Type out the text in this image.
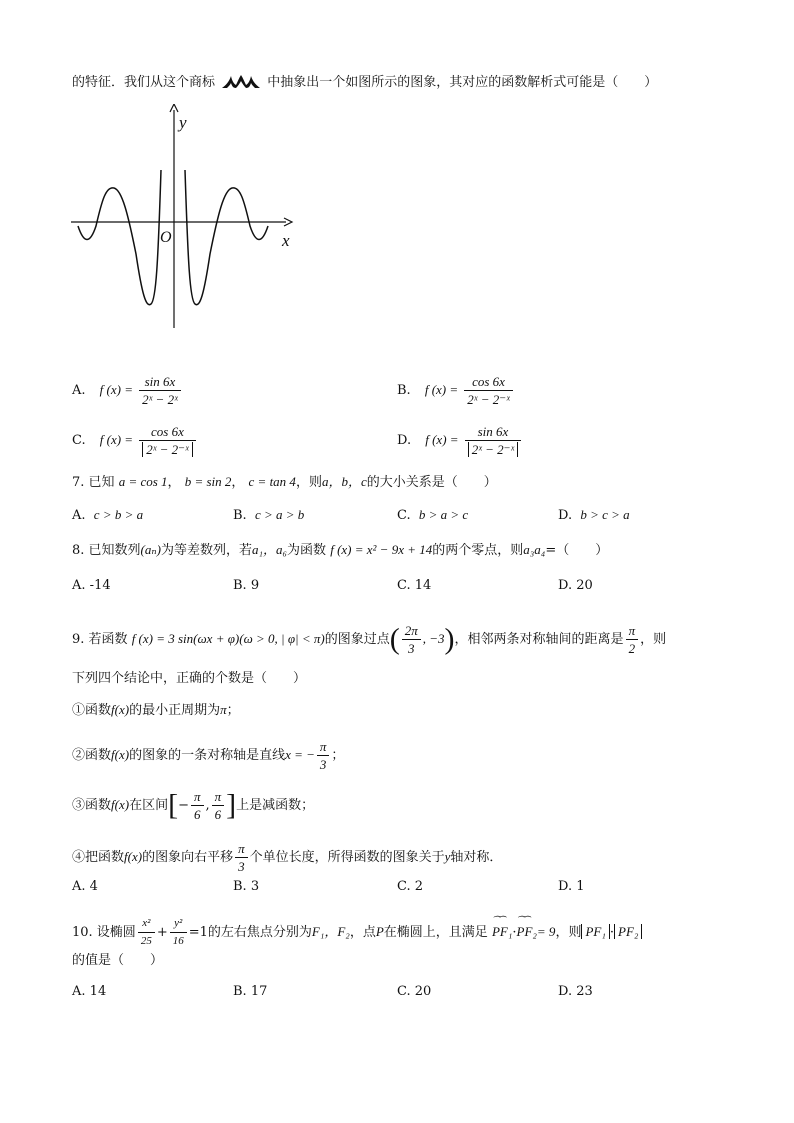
的特征．我们从这个商标	中抽象出一个如图所示的图象，其对应的函数解析式可能是（　　）
y
x
O
A. f $(x) = \frac{\sin 6x}{\text{2ˣ − 2ˣ}}$	B. f $(x) = \frac{\cos 6x}{\text{2ˣ − 2⁻ˣ}}$
C. f $(x) = \frac{\cos 6x}{\text{2ˣ − 2⁻ˣ}}$	D. f $(x) = \frac{\sin 6x}{\text{2ˣ − 2⁻ˣ}}$
7. 已知 a = cos 1， b = sin 2， c = tan 4，则a，b，c的大小关系是（　　）
A. c > b > a	B. c > a > b	C. b > a > c	D. b > c > a
8. 已知数列(aₙ)为等差数列，若a₁，a₆为函数 f (x) = x² − 9x + 14的两个零点，则a₃a₄=（　　）
A. -14	B. 9	C. 14	D. 20
9. 若函数 f (x) = 3 sin(ωx + φ)(ω > 0, | φ| < π)的图象过点( $\frac{2\pi}{3}$ , −3)，相邻两条对称轴间的距离是 $\frac{\pi}{2}$ ，则
下列四个结论中，正确的个数是（　　）
①函数f(x)的最小正周期为π；
②函数f(x)的图象的一条对称轴是直线x = − $\frac{\pi}{3}$ ；
③函数f(x)在区间[− $\frac{\pi}{6}$ , $\frac{\pi}{6}$ ]上是减函数；
④把函数f(x)的图象向右平移 $\frac{\pi}{3}$ 个单位长度，所得函数的图象关于y轴对称．
A. 4	B. 3	C. 2	D. 1
10. 设椭圆 $\frac{\text{x²}}{25} + \frac{\text{y²}}{16} =1$的左右焦点分别为F₁，F₂，点P在椭圆上，且满足 ⏜⏜ PF₁·⏜⏜ PF₂= 9，则 PF₁ · PF₂
的值是（　　）
A. 14	B. 17	C. 20	D. 23
